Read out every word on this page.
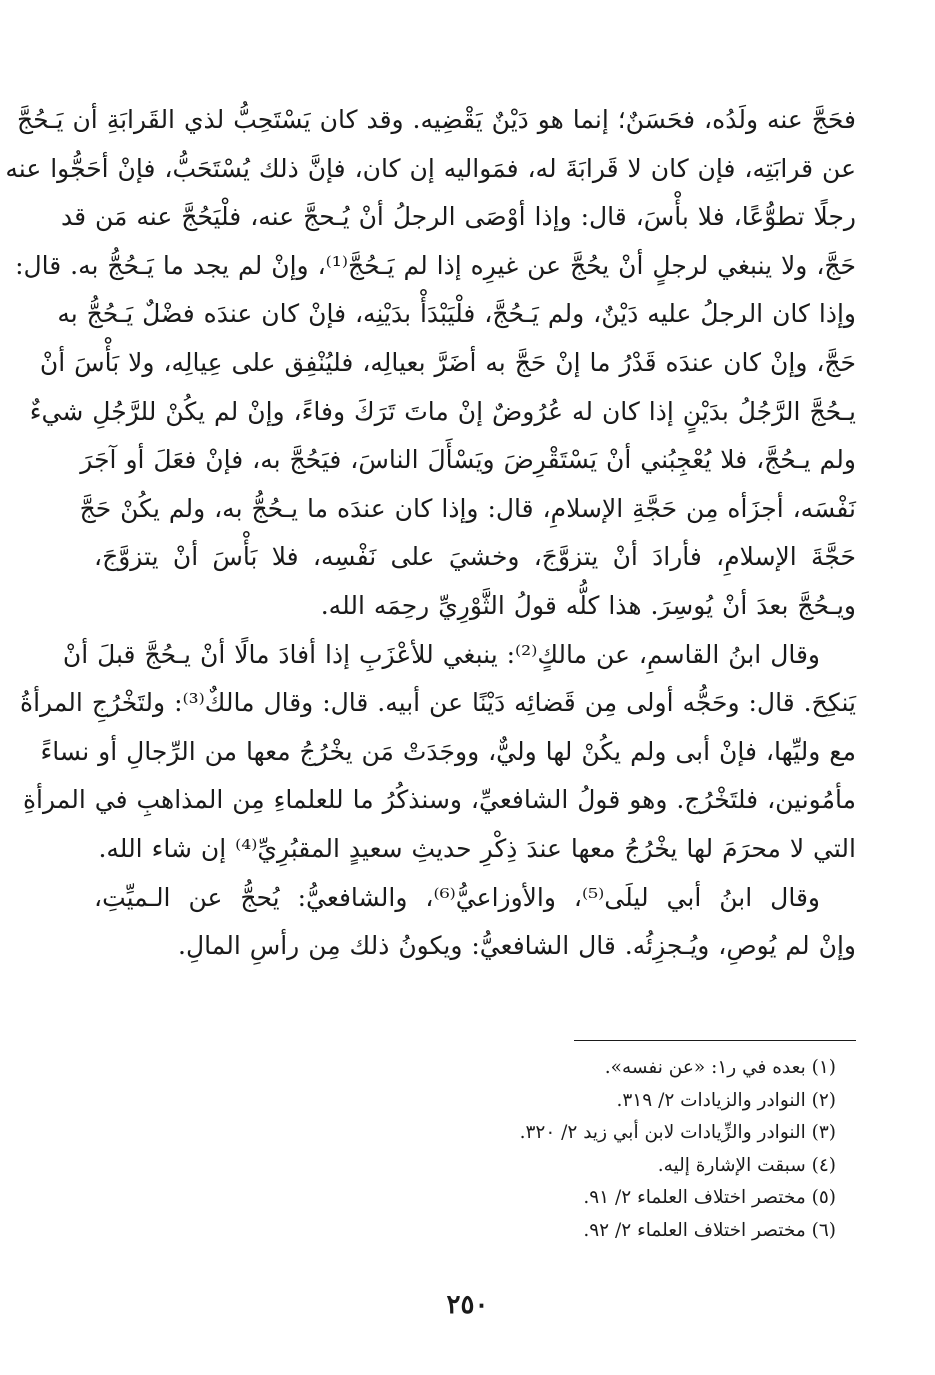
فحَجَّ عنه ولَدُه، فحَسَنٌ؛ إنما هو دَيْنٌ يَقْضِيه. وقد كان يَسْتَحِبُّ لذي القَرابَةِ أن يَـحُجَّ
عن قرابَتِه، فإن كان لا قَرابَةَ له، فمَواليه إن كان، فإنَّ ذلك يُسْتَحَبُّ، فإنْ أحَجُّوا عنه
رجلًا تطوُّعًا، فلا بأْسَ، قال: وإذا أوْصَى الرجلُ أنْ يُـحجَّ عنه، فلْيَحُجَّ عنه مَن قد
حَجَّ، ولا ينبغي لرجلٍ أنْ يحُجَّ عن غيرِه إذا لم يَـحُجَّ⁽¹⁾، وإنْ لم يجد ما يَـحُجُّ به. قال:
وإذا كان الرجلُ عليه دَيْنٌ، ولم يَـحُجَّ، فلْيَبْدَأْ بدَيْنِه، فإنْ كان عندَه فضْلٌ يَـحُجُّ به
حَجَّ، وإنْ كان عندَه قَدْرُ ما إنْ حَجَّ به أضَرَّ بعيالِه، فليُنْفِق على عِيالِه، ولا بَأْسَ أنْ
يـحُجَّ الرَّجُلُ بدَيْنٍ إذا كان له عُرُوضٌ إنْ ماتَ تَرَكَ وفاءً، وإنْ لم يكُنْ للرَّجُلِ شيءٌ
ولم يـحُجَّ، فلا يُعْجِبُني أنْ يَسْتَقْرِضَ ويَسْأَلَ الناسَ، فيَحُجَّ به، فإنْ فعَلَ أو آجَرَ
نَفْسَه، أجزَأه مِن حَجَّةِ الإسلامِ، قال: وإذا كان عندَه ما يـحُجُّ به، ولم يكُنْ حَجَّ
حَجَّةَ الإسلامِ، فأرادَ أنْ يتزوَّجَ، وخشيَ على نَفْسِه، فلا بَأْسَ أنْ يتزوَّجَ،
ويـحُجَّ بعدَ أنْ يُوسِرَ. هذا كلُّه قولُ الثَّوْرِيِّ رحِمَه الله.
وقال ابنُ القاسمِ، عن مالكٍ⁽²⁾: ينبغي للأعْزَبِ إذا أفادَ مالًا أنْ يـحُجَّ قبلَ أنْ
يَنكِحَ. قال: وحَجُّه أولى مِن قَضائِه دَيْنًا عن أبيه. قال: وقال مالكٌ⁽³⁾: ولتَخْرُجِ المرأةُ
مع وليِّها، فإنْ أبى ولم يكُنْ لها وليٌّ، ووجَدَتْ مَن يخْرُجُ معها من الرِّجالِ أو نساءً
مأمُونين، فلتَخْرُج. وهو قولُ الشافعيِّ، وسنذكُرُ ما للعلماءِ مِن المذاهبِ في المرأةِ
التي لا محرَمَ لها يخْرُجُ معها عندَ ذِكْرِ حديثِ سعيدٍ المقبُرِيِّ⁽⁴⁾ إن شاء الله.
وقال ابنُ أبي ليلَى⁽⁵⁾، والأوزاعيُّ⁽⁶⁾، والشافعيُّ: يُحجُّ عن الـميِّتِ،
وإنْ لم يُوصِ، ويُـجزِئُه. قال الشافعيُّ: ويكونُ ذلك مِن رأسِ المالِ.
(١) بعده في ر١: «عن نفسه».
(٢) النوادر والزيادات ٢/ ٣١٩.
(٣) النوادر والزِّيادات لابن أبي زيد ٢/ ٣٢٠.
(٤) سبقت الإشارة إليه.
(٥) مختصر اختلاف العلماء ٢/ ٩١.
(٦) مختصر اختلاف العلماء ٢/ ٩٢.
٢٥٠
